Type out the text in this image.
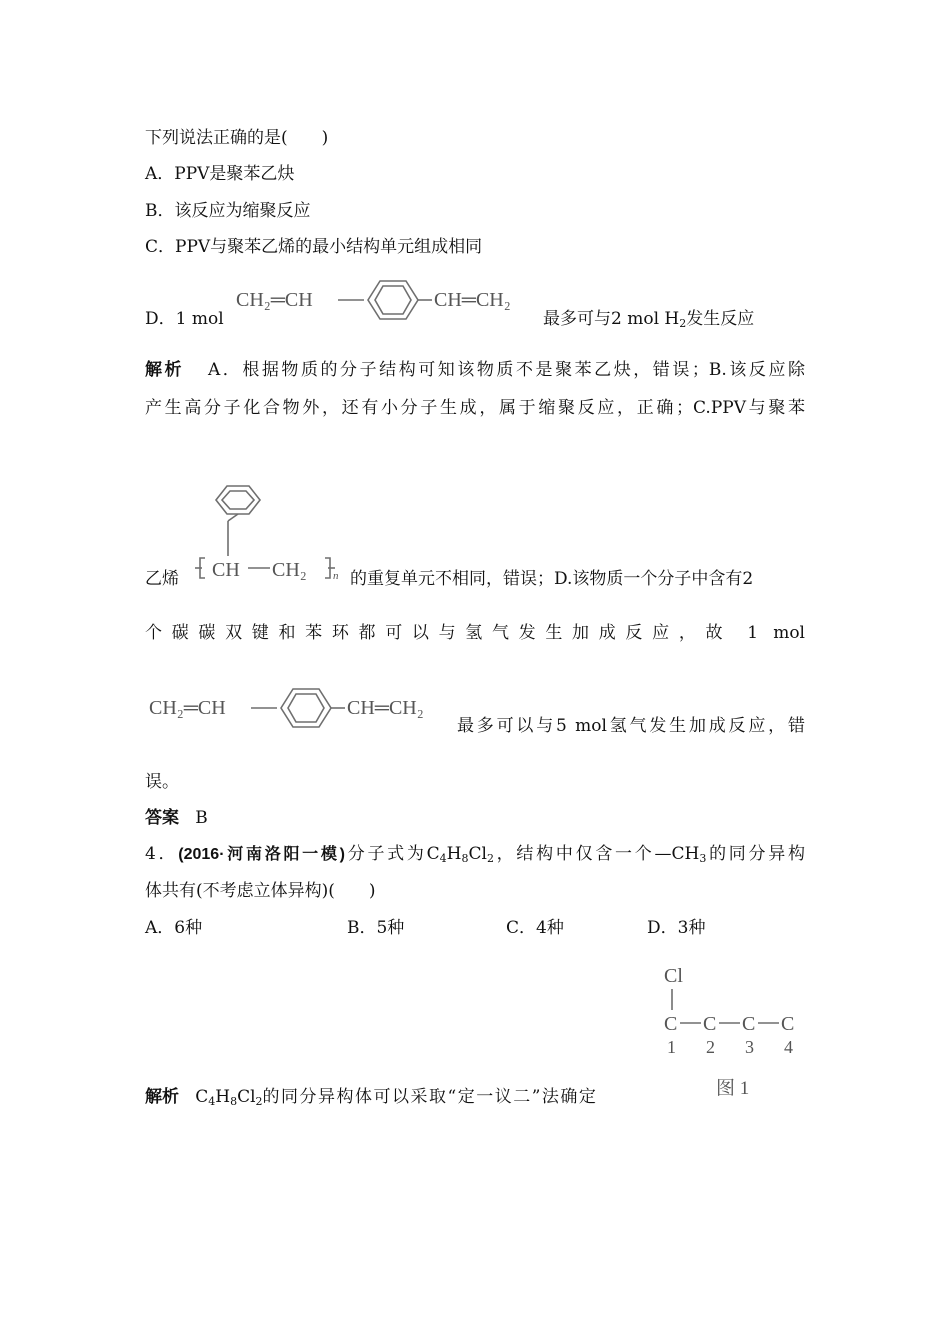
下列说法正确的是(　　)
A．PPV是聚苯乙炔
B．该反应为缩聚反应
C．PPV与聚苯乙烯的最小结构单元组成相同
D．1 mol
CH₂═CH	CH═CH₂
最多可与2 mol $H_2$发生反应
解析 A．根据物质的分子结构可知该物质不是聚苯乙炔，错误；B.该反应除
产生高分子化合物外，还有小分子生成，属于缩聚反应，正确；C.PPV与聚苯
乙烯 CH CH₂ n 的重复单元不相同，错误；D.该物质一个分子中含有2
个碳碳双键和苯环都可以与氢气发生加成反应，故 1 mol
CH₂═CH	CH═CH₂
最多可以与5 mol氢气发生加成反应，错
误。
答案 B
4．(2016·河南洛阳一模)分子式为$C_4H_8Cl_2$，结构中仅含一个$—CH_3$的同分异构
体共有(不考虑立体异构)(　　)
A．6种	B．5种	C．4种	D．3种
Cl
C C C C
1 2 3 4
图 1
解析 $C_4H_8Cl_2$的同分异构体可以采取“定一议二”法确定
